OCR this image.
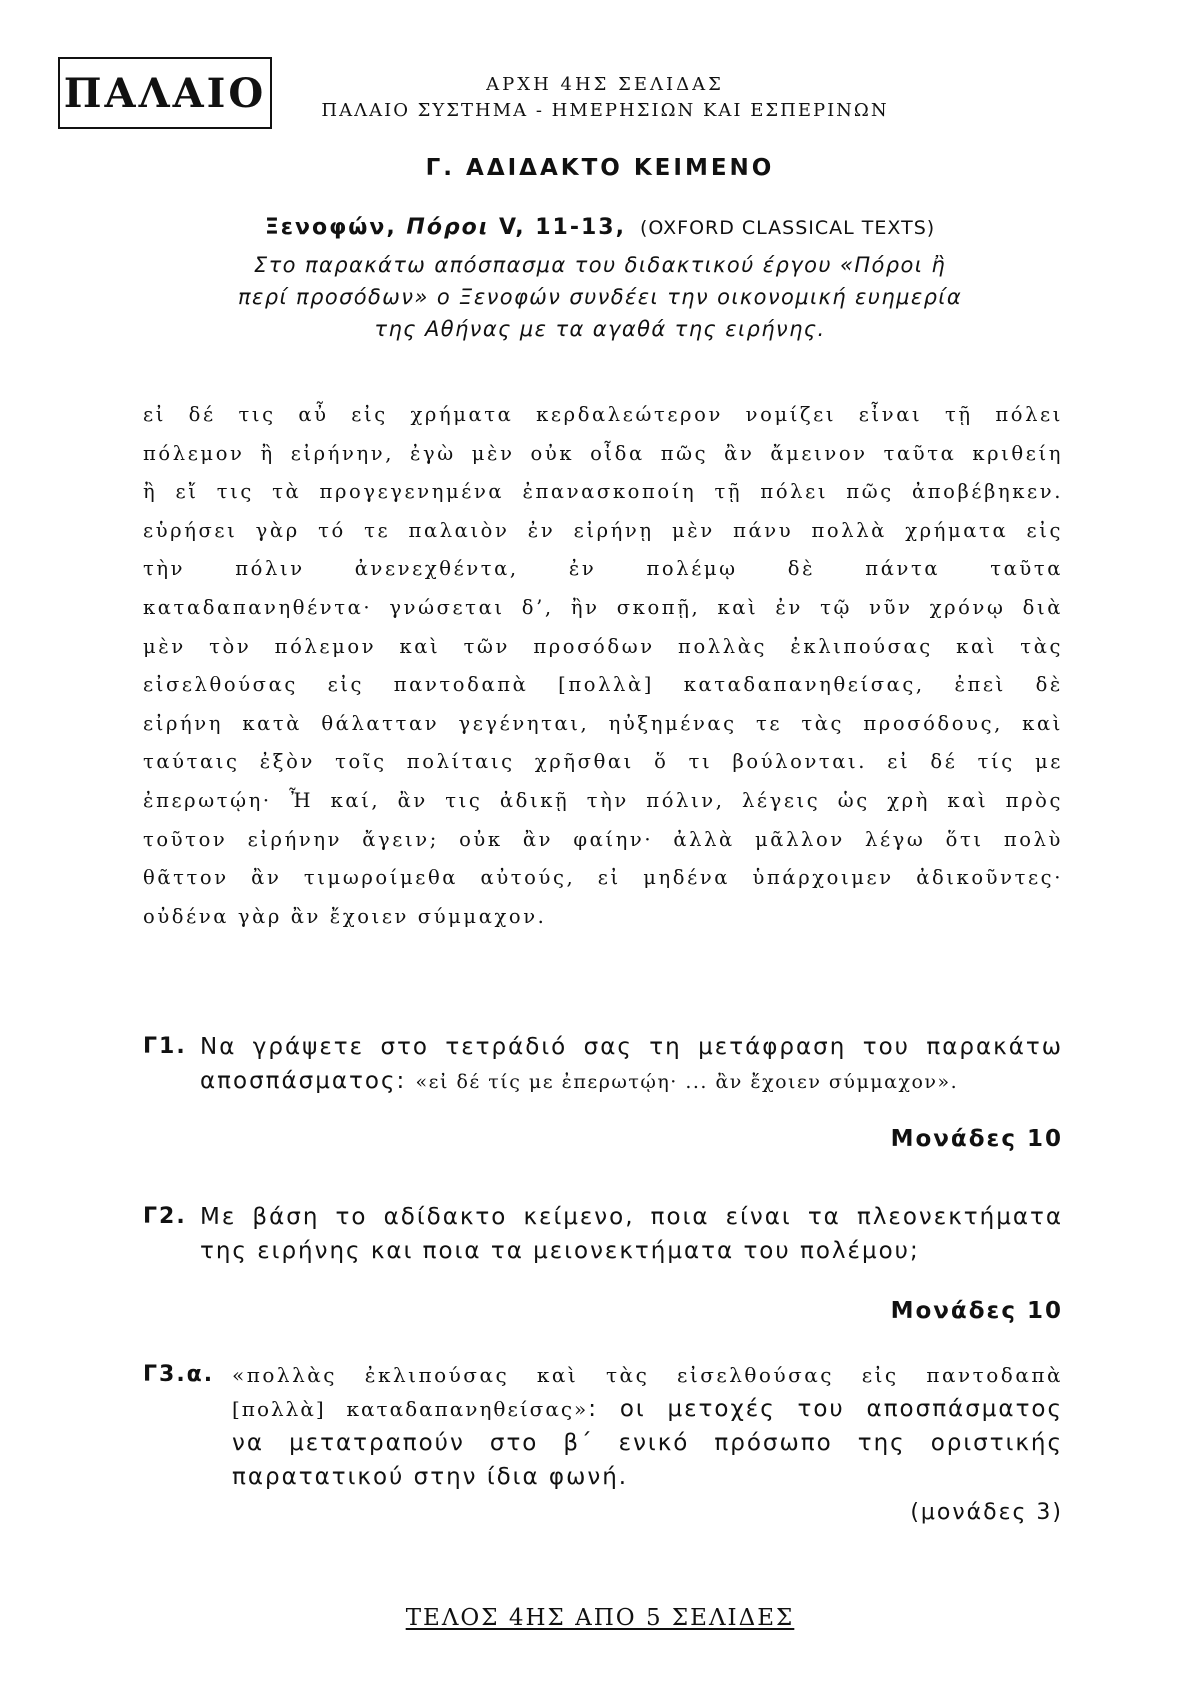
ΠΑΛΑΙΟ	ΑΡΧΗ 4ΗΣ ΣΕΛΙΔΑΣ
ΠΑΛΑΙΟ ΣΥΣΤΗΜΑ - ΗΜΕΡΗΣΙΩΝ ΚΑΙ ΕΣΠΕΡΙΝΩΝ
Γ. ΑΔΙΔΑΚΤΟ ΚΕΙΜΕΝΟ
Ξενοφών, Πόροι V, 11-13, (OXFORD CLASSICAL TEXTS)
Στο παρακάτω απόσπασμα του διδακτικού έργου «Πόροι ἢ
περί προσόδων» ο Ξενοφών συνδέει την οικονομική ευημερία
της Αθήνας με τα αγαθά της ειρήνης.
εἰ δέ τις αὖ εἰς χρήματα κερδαλεώτερον νομίζει εἶναι τῇ πόλει
πόλεμον ἢ εἰρήνην, ἐγὼ μὲν οὐκ οἶδα πῶς ἂν ἄμεινον ταῦτα κριθείη
ἢ εἴ τις τὰ προγεγενημένα ἐπανασκοποίη τῇ πόλει πῶς ἀποβέβηκεν.
εὑρήσει γὰρ τό τε παλαιὸν ἐν εἰρήνῃ μὲν πάνυ πολλὰ χρήματα εἰς
τὴν πόλιν ἀνενεχθέντα, ἐν πολέμῳ δὲ πάντα ταῦτα
καταδαπανηθέντα· γνώσεται δ’, ἢν σκοπῇ, καὶ ἐν τῷ νῦν χρόνῳ διὰ
μὲν τὸν πόλεμον καὶ τῶν προσόδων πολλὰς ἐκλιπούσας καὶ τὰς
εἰσελθούσας εἰς παντοδαπὰ [πολλὰ] καταδαπανηθείσας, ἐπεὶ δὲ
εἰρήνη κατὰ θάλατταν γεγένηται, ηὐξημένας τε τὰς προσόδους, καὶ
ταύταις ἐξὸν τοῖς πολίταις χρῆσθαι ὅ τι βούλονται. εἰ δέ τίς με
ἐπερωτῴη· Ἦ καί, ἂν τις ἀδικῇ τὴν πόλιν, λέγεις ὡς χρὴ καὶ πρὸς
τοῦτον εἰρήνην ἄγειν; οὐκ ἂν φαίην· ἀλλὰ μᾶλλον λέγω ὅτι πολὺ
θᾶττον ἂν τιμωροίμεθα αὐτούς, εἰ μηδένα ὑπάρχοιμεν ἀδικοῦντες·
οὐδένα γὰρ ἂν ἔχοιεν σύμμαχον.
Γ1. Να γράψετε στο τετράδιό σας τη μετάφραση του παρακάτω
αποσπάσματος: «εἰ δέ τίς με ἐπερωτῴη· ... ἂν ἔχοιεν σύμμαχον».
Μονάδες 10
Γ2. Με βάση το αδίδακτο κείμενο, ποια είναι τα πλεονεκτήματα
της ειρήνης και ποια τα μειονεκτήματα του πολέμου;
Μονάδες 10
Γ3.α. «πολλὰς ἐκλιπούσας καὶ τὰς εἰσελθούσας εἰς παντοδαπὰ
[πολλὰ] καταδαπανηθείσας»: οι μετοχές του αποσπάσματος
να μετατραπούν στο β΄ ενικό πρόσωπο της οριστικής
παρατατικού στην ίδια φωνή.
(μονάδες 3)
ΤΕΛΟΣ 4ΗΣ ΑΠΟ 5 ΣΕΛΙΔΕΣ
